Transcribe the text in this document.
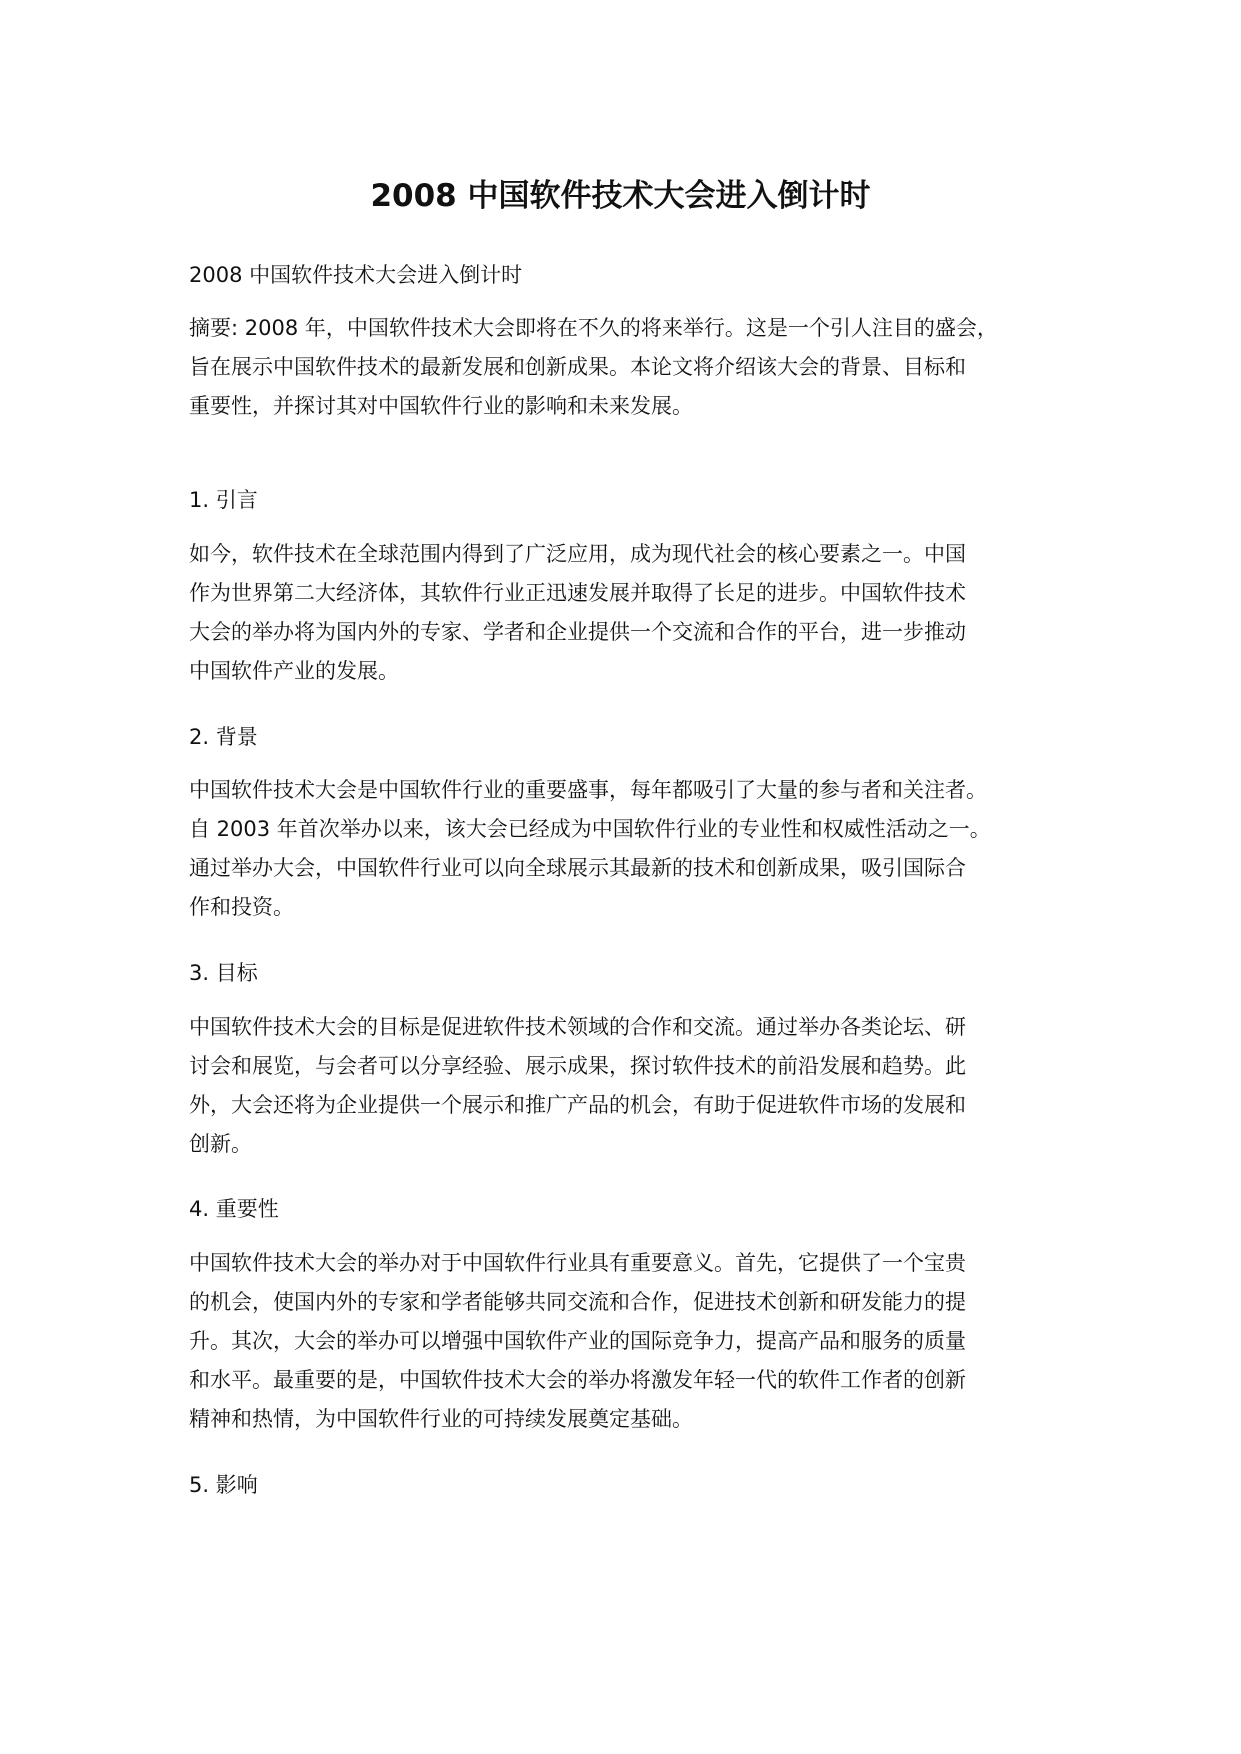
2008 中国软件技术大会进入倒计时

2008 中国软件技术大会进入倒计时

摘要: 2008 年，中国软件技术大会即将在不久的将来举行。这是一个引人注目的盛会，
旨在展示中国软件技术的最新发展和创新成果。本论文将介绍该大会的背景、目标和
重要性，并探讨其对中国软件行业的影响和未来发展。

1. 引言

如今，软件技术在全球范围内得到了广泛应用，成为现代社会的核心要素之一。中国
作为世界第二大经济体，其软件行业正迅速发展并取得了长足的进步。中国软件技术
大会的举办将为国内外的专家、学者和企业提供一个交流和合作的平台，进一步推动
中国软件产业的发展。

2. 背景

中国软件技术大会是中国软件行业的重要盛事，每年都吸引了大量的参与者和关注者。
自 2003 年首次举办以来，该大会已经成为中国软件行业的专业性和权威性活动之一。
通过举办大会，中国软件行业可以向全球展示其最新的技术和创新成果，吸引国际合
作和投资。

3. 目标

中国软件技术大会的目标是促进软件技术领域的合作和交流。通过举办各类论坛、研
讨会和展览，与会者可以分享经验、展示成果，探讨软件技术的前沿发展和趋势。此
外，大会还将为企业提供一个展示和推广产品的机会，有助于促进软件市场的发展和
创新。

4. 重要性

中国软件技术大会的举办对于中国软件行业具有重要意义。首先，它提供了一个宝贵
的机会，使国内外的专家和学者能够共同交流和合作，促进技术创新和研发能力的提
升。其次，大会的举办可以增强中国软件产业的国际竞争力，提高产品和服务的质量
和水平。最重要的是，中国软件技术大会的举办将激发年轻一代的软件工作者的创新
精神和热情，为中国软件行业的可持续发展奠定基础。

5. 影响
